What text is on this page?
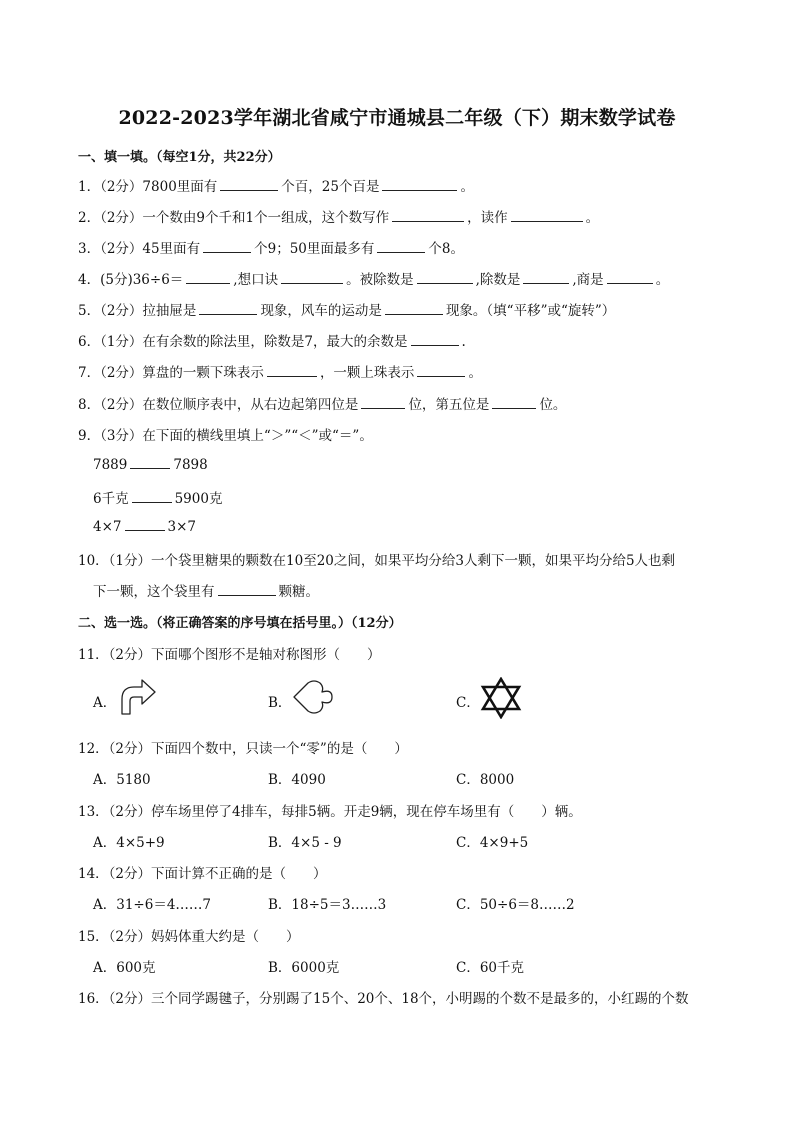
2022-2023学年湖北省咸宁市通城县二年级（下）期末数学试卷
一、填一填。（每空1分，共22分）
1．（2分）7800里面有	个百，25个百是	。
2．（2分）一个数由9个千和1个一组成，这个数写作	，读作	。
3．（2分）45里面有	个9；50里面最多有	个8。
4．(5分)36÷6＝	,想口诀	。被除数是	,除数是	,商是	。
5．（2分）拉抽屉是	现象，风车的运动是	现象。（填“平移”或“旋转”）
6．（1分）在有余数的除法里，除数是7，最大的余数是	.
7．（2分）算盘的一颗下珠表示	，一颗上珠表示	。
8．（2分）在数位顺序表中，从右边起第四位是	位，第五位是	位。
9．（3分）在下面的横线里填上“＞”“＜”或“＝”。
7889	7898
6千克	5900克
4×7	3×7
10．（1分）一个袋里糖果的颗数在10至20之间，如果平均分给3人剩下一颗，如果平均分给5人也剩
下一颗，这个袋里有	颗糖。
二、选一选。（将正确答案的序号填在括号里。）（12分）
11．（2分）下面哪个图形不是轴对称图形（　　）
A．	B．	C．
12．（2分）下面四个数中，只读一个“零”的是（　　）
A．5180	B．4090	C．8000
13．（2分）停车场里停了4排车，每排5辆。开走9辆，现在停车场里有（　　）辆。
A．4×5+9	B．4×5 - 9	C．4×9+5
14．（2分）下面计算不正确的是（　　）
A．31÷6＝4……7	B．18÷5＝3……3	C．50÷6＝8……2
15．（2分）妈妈体重大约是（　　）
A．600克	B．6000克	C．60千克
16．（2分）三个同学踢毽子，分别踢了15个、20个、18个，小明踢的个数不是最多的，小红踢的个数
